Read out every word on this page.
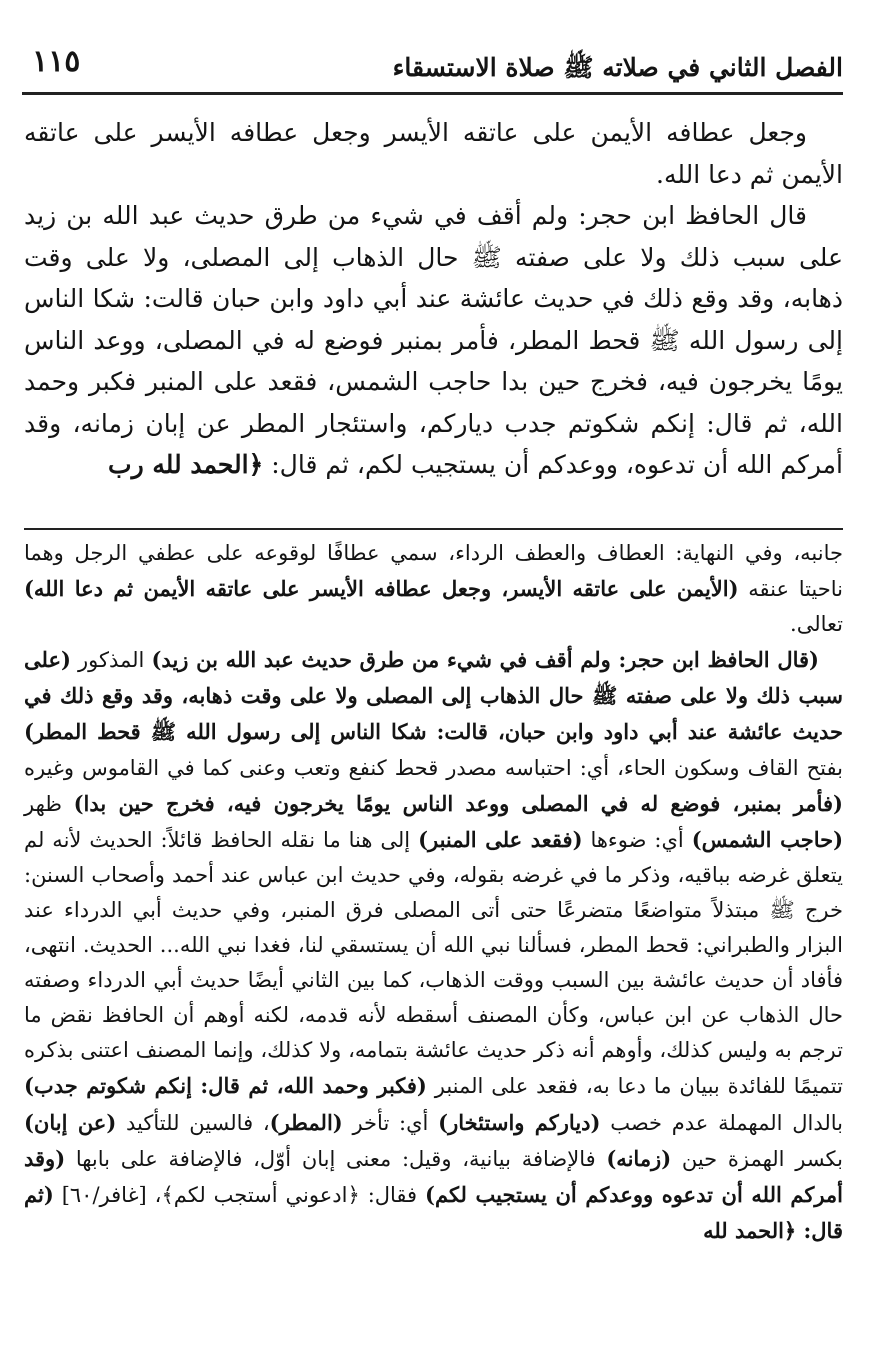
١١٥	الفصل الثاني في صلاته ﷺ صلاة الاستسقاء

وجعل عطافه الأيمن على عاتقه الأيسر وجعل عطافه الأيسر على عاتقه الأيمن ثم دعا الله.

قال الحافظ ابن حجر: ولم أقف في شيء من طرق حديث عبد الله بن زيد على سبب ذلك ولا على صفته ﷺ حال الذهاب إلى المصلى، ولا على وقت ذهابه، وقد وقع ذلك في حديث عائشة عند أبي داود وابن حبان قالت: شكا الناس إلى رسول الله ﷺ قحط المطر، فأمر بمنبر فوضع له في المصلى، ووعد الناس يومًا يخرجون فيه، فخرج حين بدا حاجب الشمس، فقعد على المنبر فكبر وحمد الله، ثم قال: إنكم شكوتم جدب دياركم، واستئجار المطر عن إبان زمانه، وقد أمركم الله أن تدعوه، ووعدكم أن يستجيب لكم، ثم قال: ﴿الحمد لله رب

جانبه، وفي النهاية: العطاف والعطف الرداء، سمي عطافًا لوقوعه على عطفي الرجل وهما ناحيتا عنقه (الأيمن على عاتقه الأيسر، وجعل عطافه الأيسر على عاتقه الأيمن ثم دعا الله) تعالى.

(قال الحافظ ابن حجر: ولم أقف في شيء من طرق حديث عبد الله بن زيد) المذكور (على سبب ذلك ولا على صفته ﷺ حال الذهاب إلى المصلى ولا على وقت ذهابه، وقد وقع ذلك في حديث عائشة عند أبي داود وابن حبان، قالت: شكا الناس إلى رسول الله ﷺ قحط المطر) بفتح القاف وسكون الحاء، أي: احتباسه مصدر قحط كنفع وتعب وعنى كما في القاموس وغيره (فأمر بمنبر، فوضع له في المصلى ووعد الناس يومًا يخرجون فيه، فخرج حين بدا) ظهر (حاجب الشمس) أي: ضوءها (فقعد على المنبر) إلى هنا ما نقله الحافظ قائلاً: الحديث لأنه لم يتعلق غرضه بباقيه، وذكر ما في غرضه بقوله، وفي حديث ابن عباس عند أحمد وأصحاب السنن: خرج ﷺ مبتذلاً متواضعًا متضرعًا حتى أتى المصلى فرق المنبر، وفي حديث أبي الدرداء عند البزار والطبراني: قحط المطر، فسألنا نبي الله أن يستسقي لنا، فغدا نبي الله... الحديث. انتهى، فأفاد أن حديث عائشة بين السبب ووقت الذهاب، كما بين الثاني أيضًا حديث أبي الدرداء وصفته حال الذهاب عن ابن عباس، وكأن المصنف أسقطه لأنه قدمه، لكنه أوهم أن الحافظ نقض ما ترجم به وليس كذلك، وأوهم أنه ذكر حديث عائشة بتمامه، ولا كذلك، وإنما المصنف اعتنى بذكره تتميمًا للفائدة ببيان ما دعا به، فقعد على المنبر (فكبر وحمد الله، ثم قال: إنكم شكوتم جدب) بالدال المهملة عدم خصب (دياركم واستئخار) أي: تأخر (المطر)، فالسين للتأكيد (عن إبان) بكسر الهمزة حين (زمانه) فالإضافة بيانية، وقيل: معنى إبان أوّل، فالإضافة على بابها (وقد أمركم الله أن تدعوه ووعدكم أن يستجيب لكم) فقال: ﴿ادعوني أستجب لكم﴾، [غافر/٦٠] (ثم قال: ﴿الحمد لله
